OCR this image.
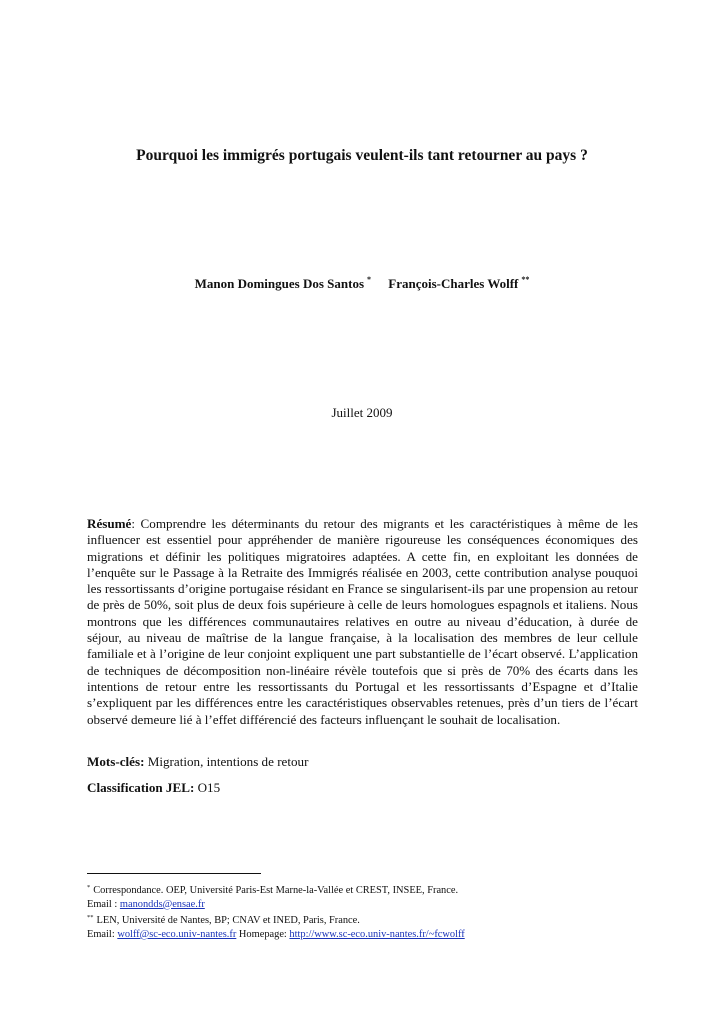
Pourquoi les immigrés portugais veulent-ils tant retourner au pays ?
Manon Domingues Dos Santos * François-Charles Wolff **
Juillet 2009

Résumé: Comprendre les déterminants du retour des migrants et les caractéristiques à même de les influencer est essentiel pour appréhender de manière rigoureuse les conséquences économiques des migrations et définir les politiques migratoires adaptées. A cette fin, en exploitant les données de l’enquête sur le Passage à la Retraite des Immigrés réalisée en 2003, cette contribution analyse pouquoi les ressortissants d’origine portugaise résidant en France se singularisent-ils par une propension au retour de près de 50%, soit plus de deux fois supérieure à celle de leurs homologues espagnols et italiens. Nous montrons que les différences communautaires relatives en outre au niveau d’éducation, à durée de séjour, au niveau de maîtrise de la langue française, à la localisation des membres de leur cellule familiale et à l’origine de leur conjoint expliquent une part substantielle de l’écart observé. L’application de techniques de décomposition non-linéaire révèle toutefois que si près de 70% des écarts dans les intentions de retour entre les ressortissants du Portugal et les ressortissants d’Espagne et d’Italie s’expliquent par les différences entre les caractéristiques observables retenues, près d’un tiers de l’écart observé demeure lié à l’effet différencié des facteurs influençant le souhait de localisation.

Mots-clés: Migration, intentions de retour

Classification JEL: O15

* Correspondance. OEP, Université Paris-Est Marne-la-Vallée et CREST, INSEE, France.
Email : manondds@ensae.fr
** LEN, Université de Nantes, BP; CNAV et INED, Paris, France.
Email: wolff@sc-eco.univ-nantes.fr Homepage: http://www.sc-eco.univ-nantes.fr/~fcwolff
